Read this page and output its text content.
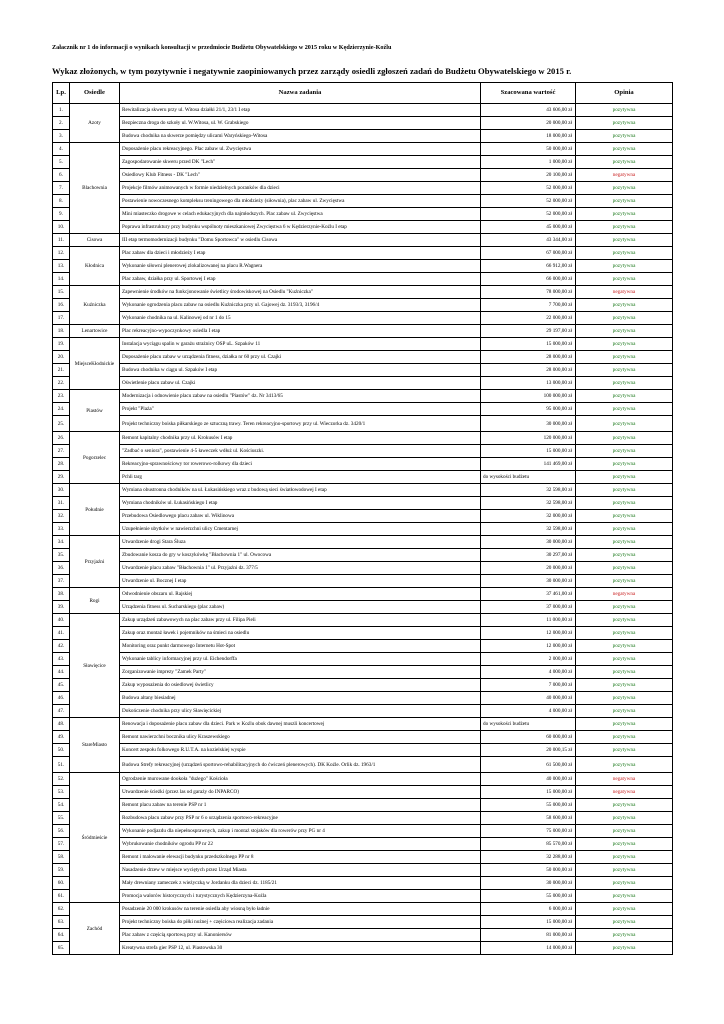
Załacznik nr 1 do informacji o wynikach konsultacji w przedmiocie Budżetu Obywatelskiego w 2015 roku w Kędzierzynie-Koźlu
Wykaz złożonych, w tym pozytywnie i negatywnie zaopiniowanych przez zarządy osiedli zgłoszeń zadań do Budżetu Obywatelskiego w 2015 r.
Lp.	Osiedle	Nazwa zadania	Szacowana wartość	Opinia
1.	Azoty	Rewitalizacja skweru przy ul. Witosa działki 21/1, 23/1 I etap	43 606,00 zł	pozytywna
2.		Bezpieczna droga do szkoły ul. W.Witosa, ul. W. Grabskiego	20 000,00 zł	pozytywna
3.		Budowa chodnika na skwerze pomiędzy ulicami Waryńskiego-Witosa	18 000,00 zł	pozytywna
4.	Blachownia	Doposażenie placu rekreacyjnego. Plac zabaw ul. Zwycięstwa	50 000,00 zł	pozytywna
5.		Zagospodarowanie skweru przed DK "Lech"	1 000,00 zł	pozytywna
6.		Osiedlowy Klub Fitness - DK "Lech"	20 100,00 zł	negatywna
7.		Projekcje filmów animowanych w formie niedzielnych poranków dla dzieci	52 000,00 zł	pozytywna
8.		Postawienie nowoczesnego kompleksu treningowego dla młodzieży (siłownia), plac zabaw ul. Zwycięstwa	52 000,00 zł	pozytywna
9.		Mini miasteczko drogowe w celach edukacyjnych dla najmłodszych. Plac zabaw ul. Zwycięstwa	52 000,00 zł	pozytywna
10.		Poprawa infrastruktury przy budynku wspólnoty mieszkaniowej Zwycięstwa 6 w Kędzierzynie-Koźlu I etap	45 000,00 zł	pozytywna
11.	Cisowa	III etap termomodernizacji budynku "Domu Sportowca" w osiedlu Cisowa	43 344,00 zł	pozytywna
12.	Kłodnica	Plac zabaw dla dzieci i młodzieży I etap	67 000,00 zł	pozytywna
13.		Wykonanie siłowni plenerowej zlokalizowanej na placu R.Wagnera	66 912,00 zł	pozytywna
14.		Plac zabaw, działka przy ul. Sportowej I etap	66 000,00 zł	pozytywna
15.	Kuźniczka	Zapewnienie środków na funkcjonowanie świetlicy środowiskowej na Osiedlu "Kuźniczka"	78 000,00 zł	negatywna
16.		Wykonanie ogrodzenia placu zabaw na osiedlu Kuźniczka przy ul. Gajowej dz. 3193/3, 3196/4	7 700,00 zł	pozytywna
17.		Wykonanie chodnika na ul. Kalinowej od nr 1 do 15	22 000,00 zł	pozytywna
18.	Lenartowice	Plac rekreacyjno-wypoczynkowy osiedla I etap	29 197,00 zł	pozytywna
19.	MiejsceKłodnickie	Instalacja wyciągu spalin w garażu strażnicy OSP uL. Szpaków 11	15 000,00 zł	pozytywna
20.		Doposażenie placu zabaw w urządzenia fitness, działka nr 60 przy ul. Czajki	28 000,00 zł	pozytywna
21.		Budowa chodnika w ciągu ul. Szpaków I etap	28 000,00 zł	pozytywna
22.		Oświetlenie placu zabaw ul. Czajki	13 000,00 zł	pozytywna
23.	Piastów	Modernizacja i odnowienie placu zabaw na osiedlu "Piastów" dz. Nr 3413/65	100 000,00 zł	pozytywna
24.		Projekt "Plaża"	95 000,00 zł	pozytywna
25.		Projekt techniczny boiska piłkarskiego ze sztuczną trawy. Teren rekreacyjno-sportowy przy ul. Wieczorka dz. 3420/1	30 000,00 zł	pozytywna
26.	Pogorzelec	Remont kapitalny chodnika przy ul. Krokusów I etap	120 000,00 zł	pozytywna
27.		"Zadbać o seniora", postawienie 4-5 ławeczek wdłuż ul. Kościuszki.	15 000,00 zł	pozytywna
28.		Rekreacyjno-sprawnościowy tor rowerowo-rolkowy dla dzieci	141 469,00 zł	pozytywna
29.		Pchli targ	do wysokości budżetu	pozytywna
30.	Południe	Wymiana obustronna chodników na ul. Łukasińskiego wraz z budową sieci światłowodowej I etap	32 598,00 zł	pozytywna
31.		Wymiana chodników ul. Łukasińskiego I etap	32 598,00 zł	pozytywna
32.		Przebudowa Osiedlowego placu zabaw ul. Wiklinowa	32 000,00 zł	pozytywna
33.		Uzupełnienie ubytków w nawierzchni ulicy Cmentarnej	32 598,00 zł	pozytywna
34.	Przyjaźni	Utwardzenie drogi Stara Śluza	30 000,00 zł	pozytywna
35.		Zbudowanie kosza do gry w koszykówkę "Błachownia 1" ul. Owocowa	30 297,00 zł	pozytywna
36.		Utwardzenie placu zabaw "Błachownia 1" ul. Przyjaźni dz. 377/5	20 000,00 zł	pozytywna
37.		Utwardzenie ul. Bocznej I etap	30 000,00 zł	pozytywna
38.	Rogi	Odwodnienie obszaru ul. Rajskiej	37 461,00 zł	negatywna
39.		Urządzenia fitness ul. Sucharskiego (plac zabaw)	37 000,00 zł	pozytywna
40.	Sławięcice	Zakup urządzeń zabawowych na plac zabaw przy ul. Filipa Pieli	11 000,00 zł	pozytywna
41.		Zakup oraz montaż ławek i pojemników na śmieci na osiedlu	12 000,00 zł	pozytywna
42.		Monitoring oraz punkt darmowego Internetu Hot-Spot	12 000,00 zł	pozytywna
43.		Wykonanie tablicy informacyjnej przy ul. Eichendorffa	2 000,00 zł	pozytywna
44.		Zorganizowanie imprezy "Zamek Party"	4 000,00 zł	pozytywna
45.		Zakup wyposażenia do osiedlowej świetlicy	7 000,00 zł	pozytywna
46.		Budowa altany biesiadnej	40 000,00 zł	pozytywna
47.		Dokończenie chodnika przy ulicy Sławięcickiej	4 000,00 zł	pozytywna
48.	StareMiasto	Renowacja i doposażenie placu zabaw dla dzieci. Park w Koźlu obok dawnej muszli koncertowej	do wysokości budżetu	pozytywna
49.		Remont nawierzchni bocznika ulicy Kraszewskiego	60 000,00 zł	pozytywna
50.		Koncert zespołu folkowego R.U.T.A. na kozielskiej wyspie	20 000,15 zł	pozytywna
51.		Budowa Strefy rekreacyjnej (urządzeń sportowo-rehabilitacyjnych do ćwiczeń plenerowych). DK Koźle. Orlik dz. 1963/1	61 500,00 zł	pozytywna
52.	Śródmieście	Ogrodzenie murowane dookoła "dużego" Kościoła	40 000,00 zł	negatywna
53.		Utwardzenie ścieżki (przez las od garaży do INPARCO)	15 000,00 zł	negatywna
54.		Remont placu zabaw na terenie PSP nr 1	55 000,00 zł	pozytywna
55.		Rozbudowa placu zabaw przy PSP nr 6 o urządzenia sportowo-rekreacyjne	58 600,00 zł	pozytywna
56.		Wykonanie podjazdu dla niepełnosprawnych, zakup i montaż stojaków dla rowerów przy PG nr 4	75 000,00 zł	pozytywna
57.		Wybrukowanie chodników ogrodu PP nr 22	85 570,00 zł	pozytywna
58.		Remont i malowanie elewacji budynku przedszkolnego PP nr 8	32 288,00 zł	pozytywna
59.		Nasadzenie drzew w miejsce wyciętych przez Urząd Miasta	50 000,00 zł	pozytywna
60.		Mały drewniany zameczek z wieżyczką w Jordanku dla dzieci dz. 1185/21	30 000,00 zł	pozytywna
61.		Promocja walorów historycznych i turystycznych Kędzierzyna-Koźla	55 000,00 zł	pozytywna
62.	Zachód	Posadzenie 20 000 krokusów na terenie osiedla aby wiosną było ładnie	6 000,00 zł	pozytywna
63.		Projekt techniczny boiska do piłki nożnej + częściowa realizacja zadania	15 000,00 zł	pozytywna
64.		Plac zabaw z częścią sportową przy ul. Kanoniersów	81 000,00 zł	pozytywna
65.		Kreatywna strefa gier PSP 12, ul. Piastowska 30	14 000,00 zł	pozytywna
